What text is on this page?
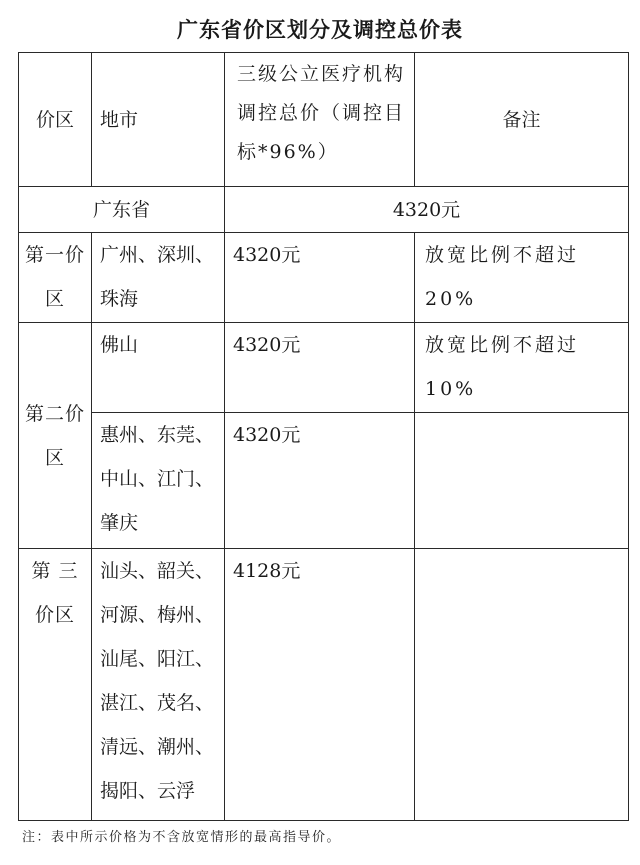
广东省价区划分及调控总价表
价区	地市	三级公立医疗机构调控总价（调控目标*96%）	备注
广东省		4320元	

第一价区	广州、深圳、珠海	4320元	放宽比例不超过20%

第二价区	佛山	4320元	放宽比例不超过10%
	惠州、东莞、中山、江门、肇庆	4320元	

第 三 价区	汕头、韶关、河源、梅州、汕尾、阳江、湛江、茂名、清远、潮州、揭阳、云浮	4128元	
注：表中所示价格为不含放宽情形的最高指导价。
